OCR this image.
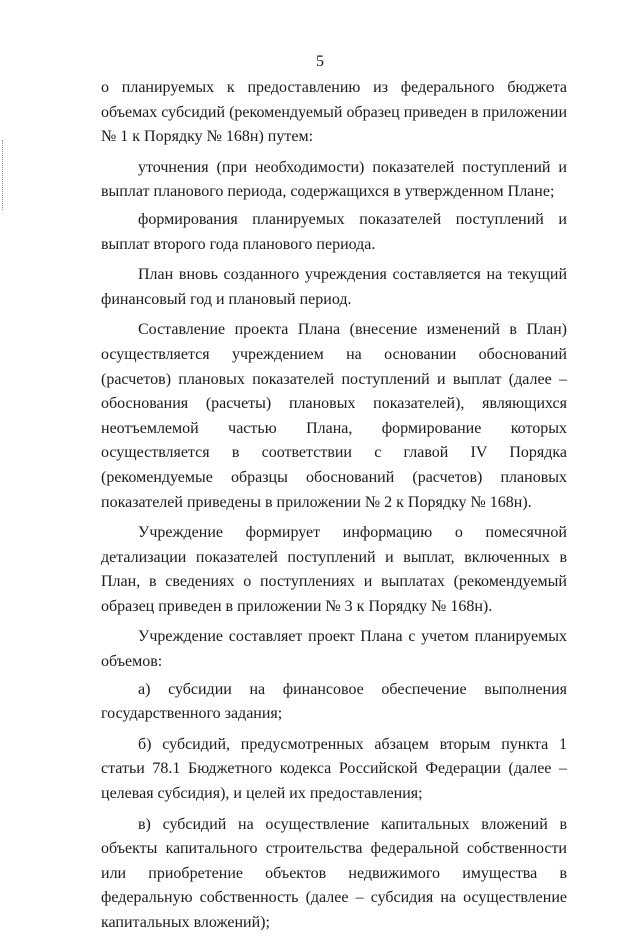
5

о планируемых к предоставлению из федерального бюджета объемах субсидий (рекомендуемый образец приведен в приложении № 1 к Порядку № 168н) путем:

уточнения (при необходимости) показателей поступлений и выплат планового периода, содержащихся в утвержденном Плане;

формирования планируемых показателей поступлений и выплат второго года планового периода.

План вновь созданного учреждения составляется на текущий финансовый год и плановый период.

Составление проекта Плана (внесение изменений в План) осуществляется учреждением на основании обоснований (расчетов) плановых показателей поступлений и выплат (далее – обоснования (расчеты) плановых показателей), являющихся неотъемлемой частью Плана, формирование которых осуществляется в соответствии с главой IV Порядка (рекомендуемые образцы обоснований (расчетов) плановых показателей приведены в приложении № 2 к Порядку № 168н).

Учреждение формирует информацию о помесячной детализации показателей поступлений и выплат, включенных в План, в сведениях о поступлениях и выплатах (рекомендуемый образец приведен в приложении № 3 к Порядку № 168н).

Учреждение составляет проект Плана с учетом планируемых объемов:

а) субсидии на финансовое обеспечение выполнения государственного задания;

б) субсидий, предусмотренных абзацем вторым пункта 1 статьи 78.1 Бюджетного кодекса Российской Федерации (далее – целевая субсидия), и целей их предоставления;

в) субсидий на осуществление капитальных вложений в объекты капитального строительства федеральной собственности или приобретение объектов недвижимого имущества в федеральную собственность (далее – субсидия на осуществление капитальных вложений);
